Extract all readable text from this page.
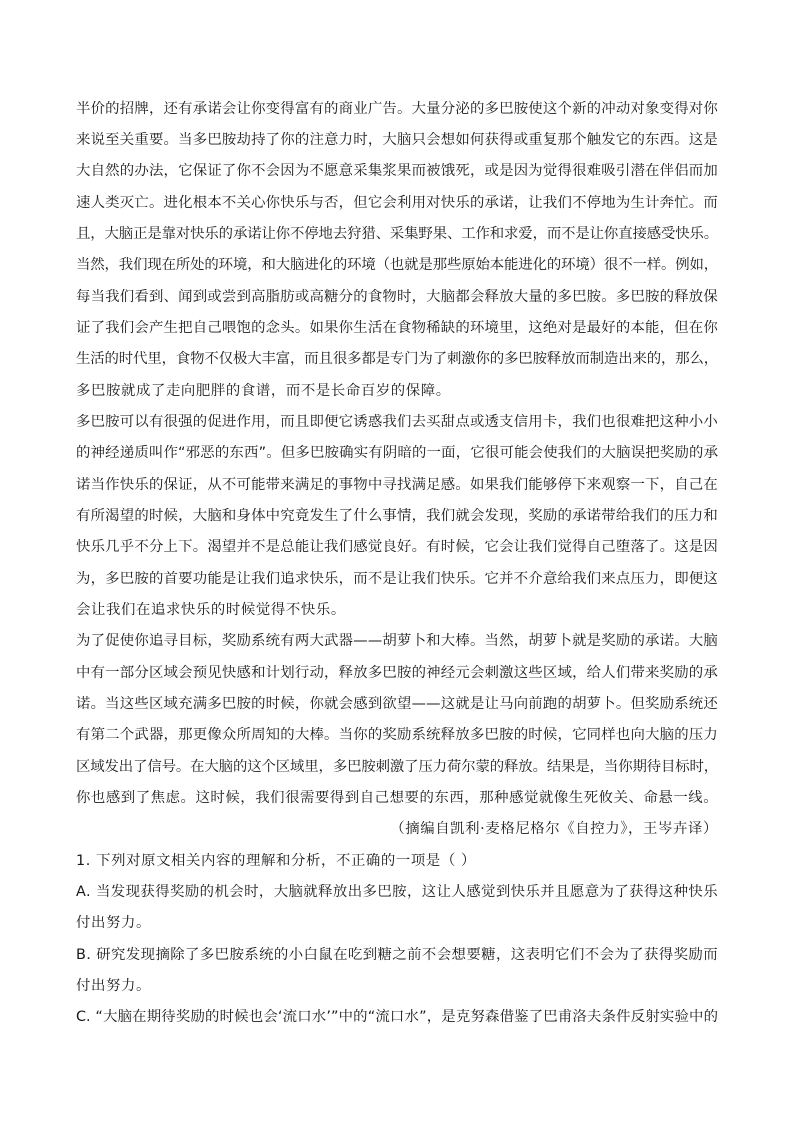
半价的招牌，还有承诺会让你变得富有的商业广告。大量分泌的多巴胺使这个新的冲动对象变得对你
来说至关重要。当多巴胺劫持了你的注意力时，大脑只会想如何获得或重复那个触发它的东西。这是
大自然的办法，它保证了你不会因为不愿意采集浆果而被饿死，或是因为觉得很难吸引潜在伴侣而加
速人类灭亡。进化根本不关心你快乐与否，但它会利用对快乐的承诺，让我们不停地为生计奔忙。而
且，大脑正是靠对快乐的承诺让你不停地去狩猎、采集野果、工作和求爱，而不是让你直接感受快乐。
当然，我们现在所处的环境，和大脑进化的环境（也就是那些原始本能进化的环境）很不一样。例如，
每当我们看到、闻到或尝到高脂肪或高糖分的食物时，大脑都会释放大量的多巴胺。多巴胺的释放保
证了我们会产生把自己喂饱的念头。如果你生活在食物稀缺的环境里，这绝对是最好的本能，但在你
生活的时代里，食物不仅极大丰富，而且很多都是专门为了刺激你的多巴胺释放而制造出来的，那么，
多巴胺就成了走向肥胖的食谱，而不是长命百岁的保障。
多巴胺可以有很强的促进作用，而且即便它诱惑我们去买甜点或透支信用卡，我们也很难把这种小小
的神经递质叫作“邪恶的东西”。但多巴胺确实有阴暗的一面，它很可能会使我们的大脑误把奖励的承
诺当作快乐的保证，从不可能带来满足的事物中寻找满足感。如果我们能够停下来观察一下，自己在
有所渴望的时候，大脑和身体中究竟发生了什么事情，我们就会发现，奖励的承诺带给我们的压力和
快乐几乎不分上下。渴望并不是总能让我们感觉良好。有时候，它会让我们觉得自己堕落了。这是因
为，多巴胺的首要功能是让我们追求快乐，而不是让我们快乐。它并不介意给我们来点压力，即便这
会让我们在追求快乐的时候觉得不快乐。
为了促使你追寻目标，奖励系统有两大武器——胡萝卜和大棒。当然，胡萝卜就是奖励的承诺。大脑
中有一部分区域会预见快感和计划行动，释放多巴胺的神经元会刺激这些区域，给人们带来奖励的承
诺。当这些区域充满多巴胺的时候，你就会感到欲望——这就是让马向前跑的胡萝卜。但奖励系统还
有第二个武器，那更像众所周知的大棒。当你的奖励系统释放多巴胺的时候，它同样也向大脑的压力
区域发出了信号。在大脑的这个区域里，多巴胺刺激了压力荷尔蒙的释放。结果是，当你期待目标时，
你也感到了焦虑。这时候，我们很需要得到自己想要的东西，那种感觉就像生死攸关、命悬一线。
（摘编自凯利·麦格尼格尔《自控力》，王岑卉译）
1. 下列对原文相关内容的理解和分析，不正确的一项是（ ）
A. 当发现获得奖励的机会时，大脑就释放出多巴胺，这让人感觉到快乐并且愿意为了获得这种快乐
付出努力。
B. 研究发现摘除了多巴胺系统的小白鼠在吃到糖之前不会想要糖，这表明它们不会为了获得奖励而
付出努力。
C. “大脑在期待奖励的时候也会‘流口水’”中的“流口水”，是克努森借鉴了巴甫洛夫条件反射实验中的
